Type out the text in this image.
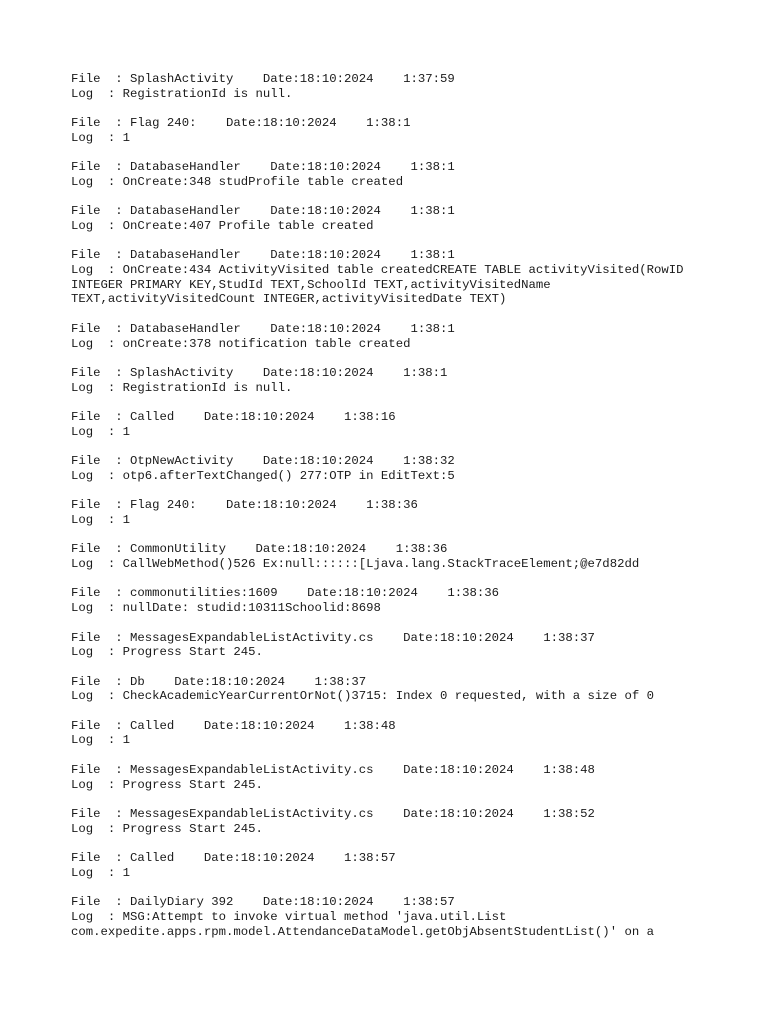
File  : SplashActivity    Date:18:10:2024    1:37:59
Log  : RegistrationId is null.
File  : Flag 240:    Date:18:10:2024    1:38:1
Log  : 1
File  : DatabaseHandler    Date:18:10:2024    1:38:1
Log  : OnCreate:348 studProfile table created
File  : DatabaseHandler    Date:18:10:2024    1:38:1
Log  : OnCreate:407 Profile table created
File  : DatabaseHandler    Date:18:10:2024    1:38:1
Log  : OnCreate:434 ActivityVisited table createdCREATE TABLE activityVisited(RowID
INTEGER PRIMARY KEY,StudId TEXT,SchoolId TEXT,activityVisitedName
TEXT,activityVisitedCount INTEGER,activityVisitedDate TEXT)
File  : DatabaseHandler    Date:18:10:2024    1:38:1
Log  : onCreate:378 notification table created
File  : SplashActivity    Date:18:10:2024    1:38:1
Log  : RegistrationId is null.
File  : Called    Date:18:10:2024    1:38:16
Log  : 1
File  : OtpNewActivity    Date:18:10:2024    1:38:32
Log  : otp6.afterTextChanged() 277:OTP in EditText:5
File  : Flag 240:    Date:18:10:2024    1:38:36
Log  : 1
File  : CommonUtility    Date:18:10:2024    1:38:36
Log  : CallWebMethod()526 Ex:null::::::[Ljava.lang.StackTraceElement;@e7d82dd
File  : commonutilities:1609    Date:18:10:2024    1:38:36
Log  : nullDate: studid:10311Schoolid:8698
File  : MessagesExpandableListActivity.cs    Date:18:10:2024    1:38:37
Log  : Progress Start 245.
File  : Db    Date:18:10:2024    1:38:37
Log  : CheckAcademicYearCurrentOrNot()3715: Index 0 requested, with a size of 0
File  : Called    Date:18:10:2024    1:38:48
Log  : 1
File  : MessagesExpandableListActivity.cs    Date:18:10:2024    1:38:48
Log  : Progress Start 245.
File  : MessagesExpandableListActivity.cs    Date:18:10:2024    1:38:52
Log  : Progress Start 245.
File  : Called    Date:18:10:2024    1:38:57
Log  : 1
File  : DailyDiary 392    Date:18:10:2024    1:38:57
Log  : MSG:Attempt to invoke virtual method 'java.util.List
com.expedite.apps.rpm.model.AttendanceDataModel.getObjAbsentStudentList()' on a
